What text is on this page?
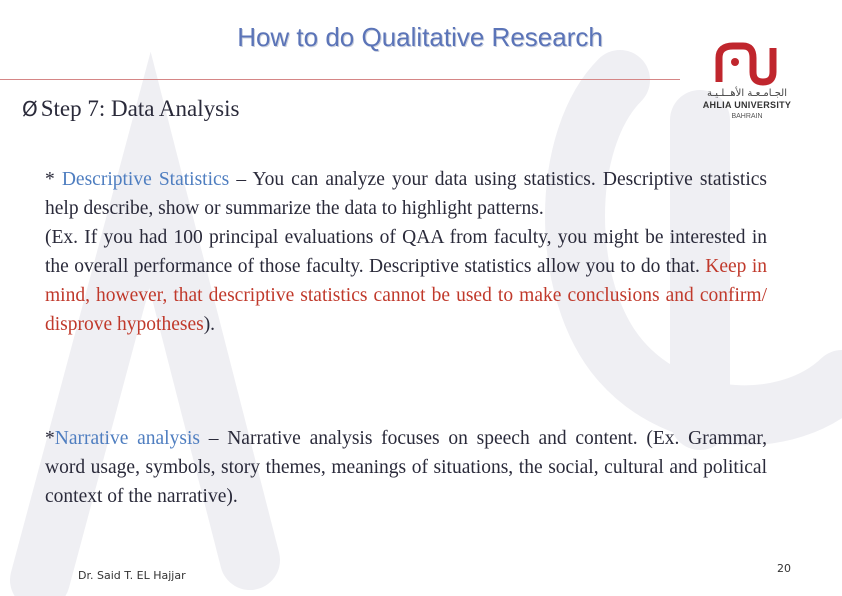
How to do Qualitative Research
الجـامـعـة الأهــلـيـة
AHLIA UNIVERSITY
BAHRAIN
Ø Step 7: Data Analysis
* Descriptive Statistics – You can analyze your data using statistics. Descriptive statistics help describe, show or summarize the data to highlight patterns.
(Ex. If you had 100 principal evaluations of QAA from faculty, you might be interested in the overall performance of those faculty. Descriptive statistics allow you to do that. Keep in mind, however, that descriptive statistics cannot be used to make conclusions and confirm/ disprove hypotheses).
*Narrative analysis – Narrative analysis focuses on speech and content. (Ex. Grammar, word usage, symbols, story themes, meanings of situations, the social, cultural and political context of the narrative).
Dr. Said T. EL Hajjar
20
